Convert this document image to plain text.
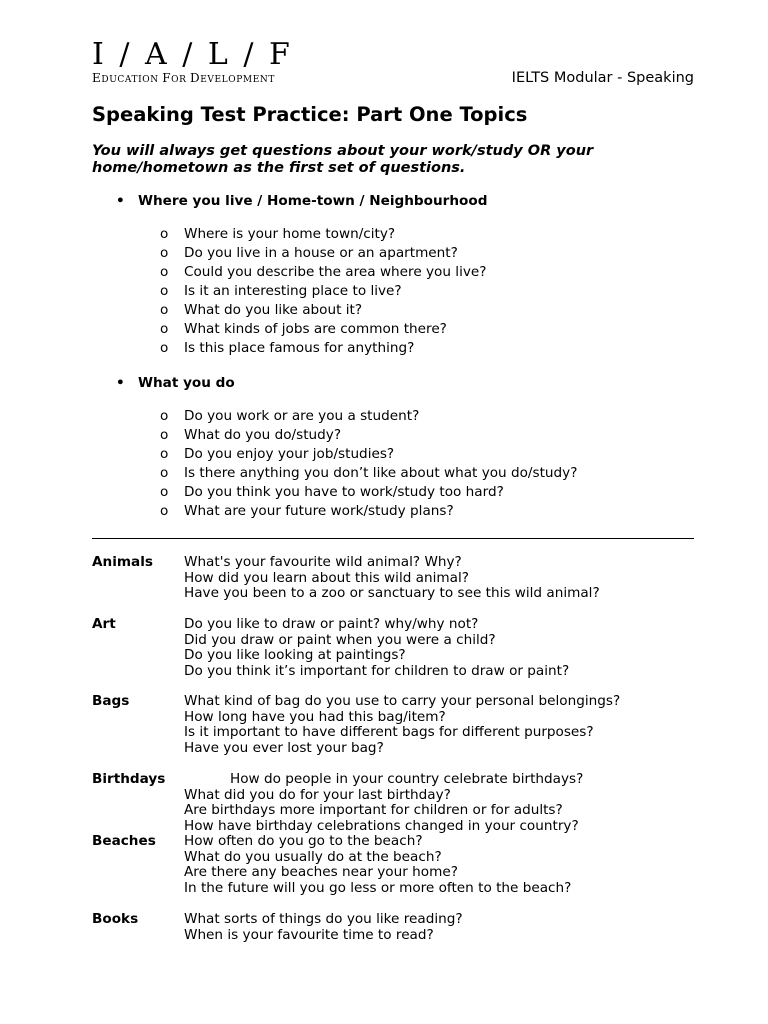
I / A / L / F
EDUCATION FOR DEVELOPMENT	IELTS Modular - Speaking
Speaking Test Practice: Part One Topics

You will always get questions about your work/study OR your home/hometown as the first set of questions.

• Where you live / Home-town / Neighbourhood
o Where is your home town/city?
o Do you live in a house or an apartment?
o Could you describe the area where you live?
o Is it an interesting place to live?
o What do you like about it?
o What kinds of jobs are common there?
o Is this place famous for anything?
• What you do
o Do you work or are you a student?
o What do you do/study?
o Do you enjoy your job/studies?
o Is there anything you don’t like about what you do/study?
o Do you think you have to work/study too hard?
o What are your future work/study plans?
Animals What's your favourite wild animal? Why?
How did you learn about this wild animal?
Have you been to a zoo or sanctuary to see this wild animal?
Art	Do you like to draw or paint? why/why not?
Did you draw or paint when you were a child?
Do you like looking at paintings?
Do you think it’s important for children to draw or paint?
Bags	What kind of bag do you use to carry your personal belongings?
How long have you had this bag/item?
Is it important to have different bags for different purposes?
Have you ever lost your bag?
Birthdays	How do people in your country celebrate birthdays?
What did you do for your last birthday?
Are birthdays more important for children or for adults?
How have birthday celebrations changed in your country?
Beaches How often do you go to the beach?
What do you usually do at the beach?
Are there any beaches near your home?
In the future will you go less or more often to the beach?
Books	What sorts of things do you like reading?
When is your favourite time to read?
